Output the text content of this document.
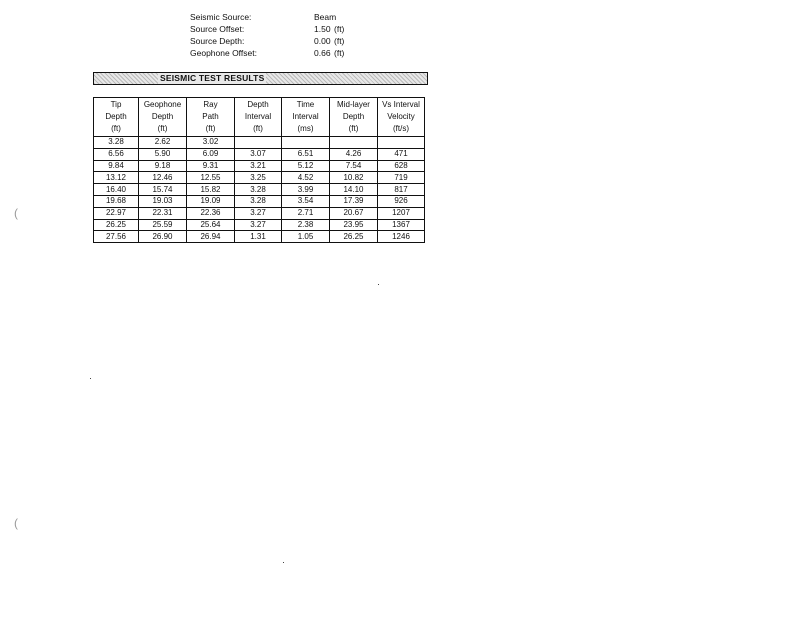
Seismic Source:	Beam
Source Offset:	1.50 (ft)
Source Depth:	0.00 (ft)
Geophone Offset:	0.66 (ft)
SEISMIC TEST RESULTS
Tip
Depth
(ft)	Geophone
Depth
(ft)	Ray
Path
(ft)	Depth
Interval
(ft)	Time
Interval
(ms)	Mid-layer
Depth
(ft)	Vs Interval
Velocity
(ft/s)

3.28	2.62	3.02				
6.56	5.90	6.09	3.07	6.51	4.26	471
9.84	9.18	9.31	3.21	5.12	7.54	628
13.12	12.46	12.55	3.25	4.52	10.82	719
16.40	15.74	15.82	3.28	3.99	14.10	817
19.68	19.03	19.09	3.28	3.54	17.39	926
22.97	22.31	22.36	3.27	2.71	20.67	1207
26.25	25.59	25.64	3.27	2.38	23.95	1367
27.56	26.90	26.94	1.31	1.05	26.25	1246
(
(
